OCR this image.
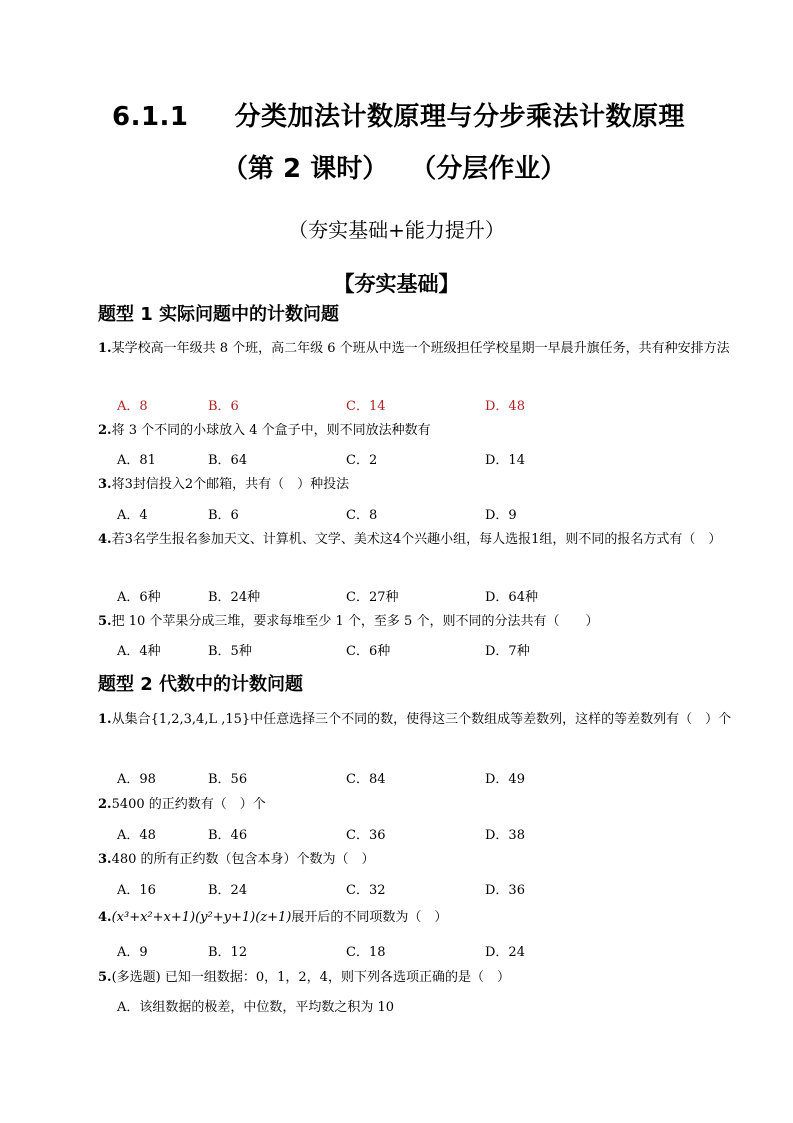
6.1.1 分类加法计数原理与分步乘法计数原理
（第 2 课时） （分层作业）
（夯实基础+能力提升）
【夯实基础】
题型 1 实际问题中的计数问题
1.某学校高一年级共 8 个班，高二年级 6 个班从中选一个班级担任学校星期一早晨升旗任务，共有种安排方法
A．8	B．6	C．14	D．48
2.将 3 个不同的小球放入 4 个盒子中，则不同放法种数有
A．81	B．64	C．2	D．14
3.将3封信投入2个邮箱，共有（　）种投法
A．4	B．6	C．8	D．9
4.若3名学生报名参加天文、计算机、文学、美术这4个兴趣小组，每人选报1组，则不同的报名方式有（　）
A．6种	B．24种	C．27种	D．64种
5.把 10 个苹果分成三堆，要求每堆至少 1 个，至多 5 个，则不同的分法共有（　　）
A．4种	B．5种	C．6种	D．7种
题型 2 代数中的计数问题
1.从集合{1,2,3,4,L ,15}中任意选择三个不同的数，使得这三个数组成等差数列，这样的等差数列有（　）个
A．98	B．56	C．84	D．49
2.5400 的正约数有（　）个
A．48	B．46	C．36	D．38
3.480 的所有正约数（包含本身）个数为（　）
A．16	B．24	C．32	D．36
4.(x³+x²+x+1)(y²+y+1)(z+1)展开后的不同项数为（　）
A．9	B．12	C．18	D．24
5.(多选题) 已知一组数据：0，1，2，4，则下列各选项正确的是（　）
A．该组数据的极差，中位数，平均数之积为 10
